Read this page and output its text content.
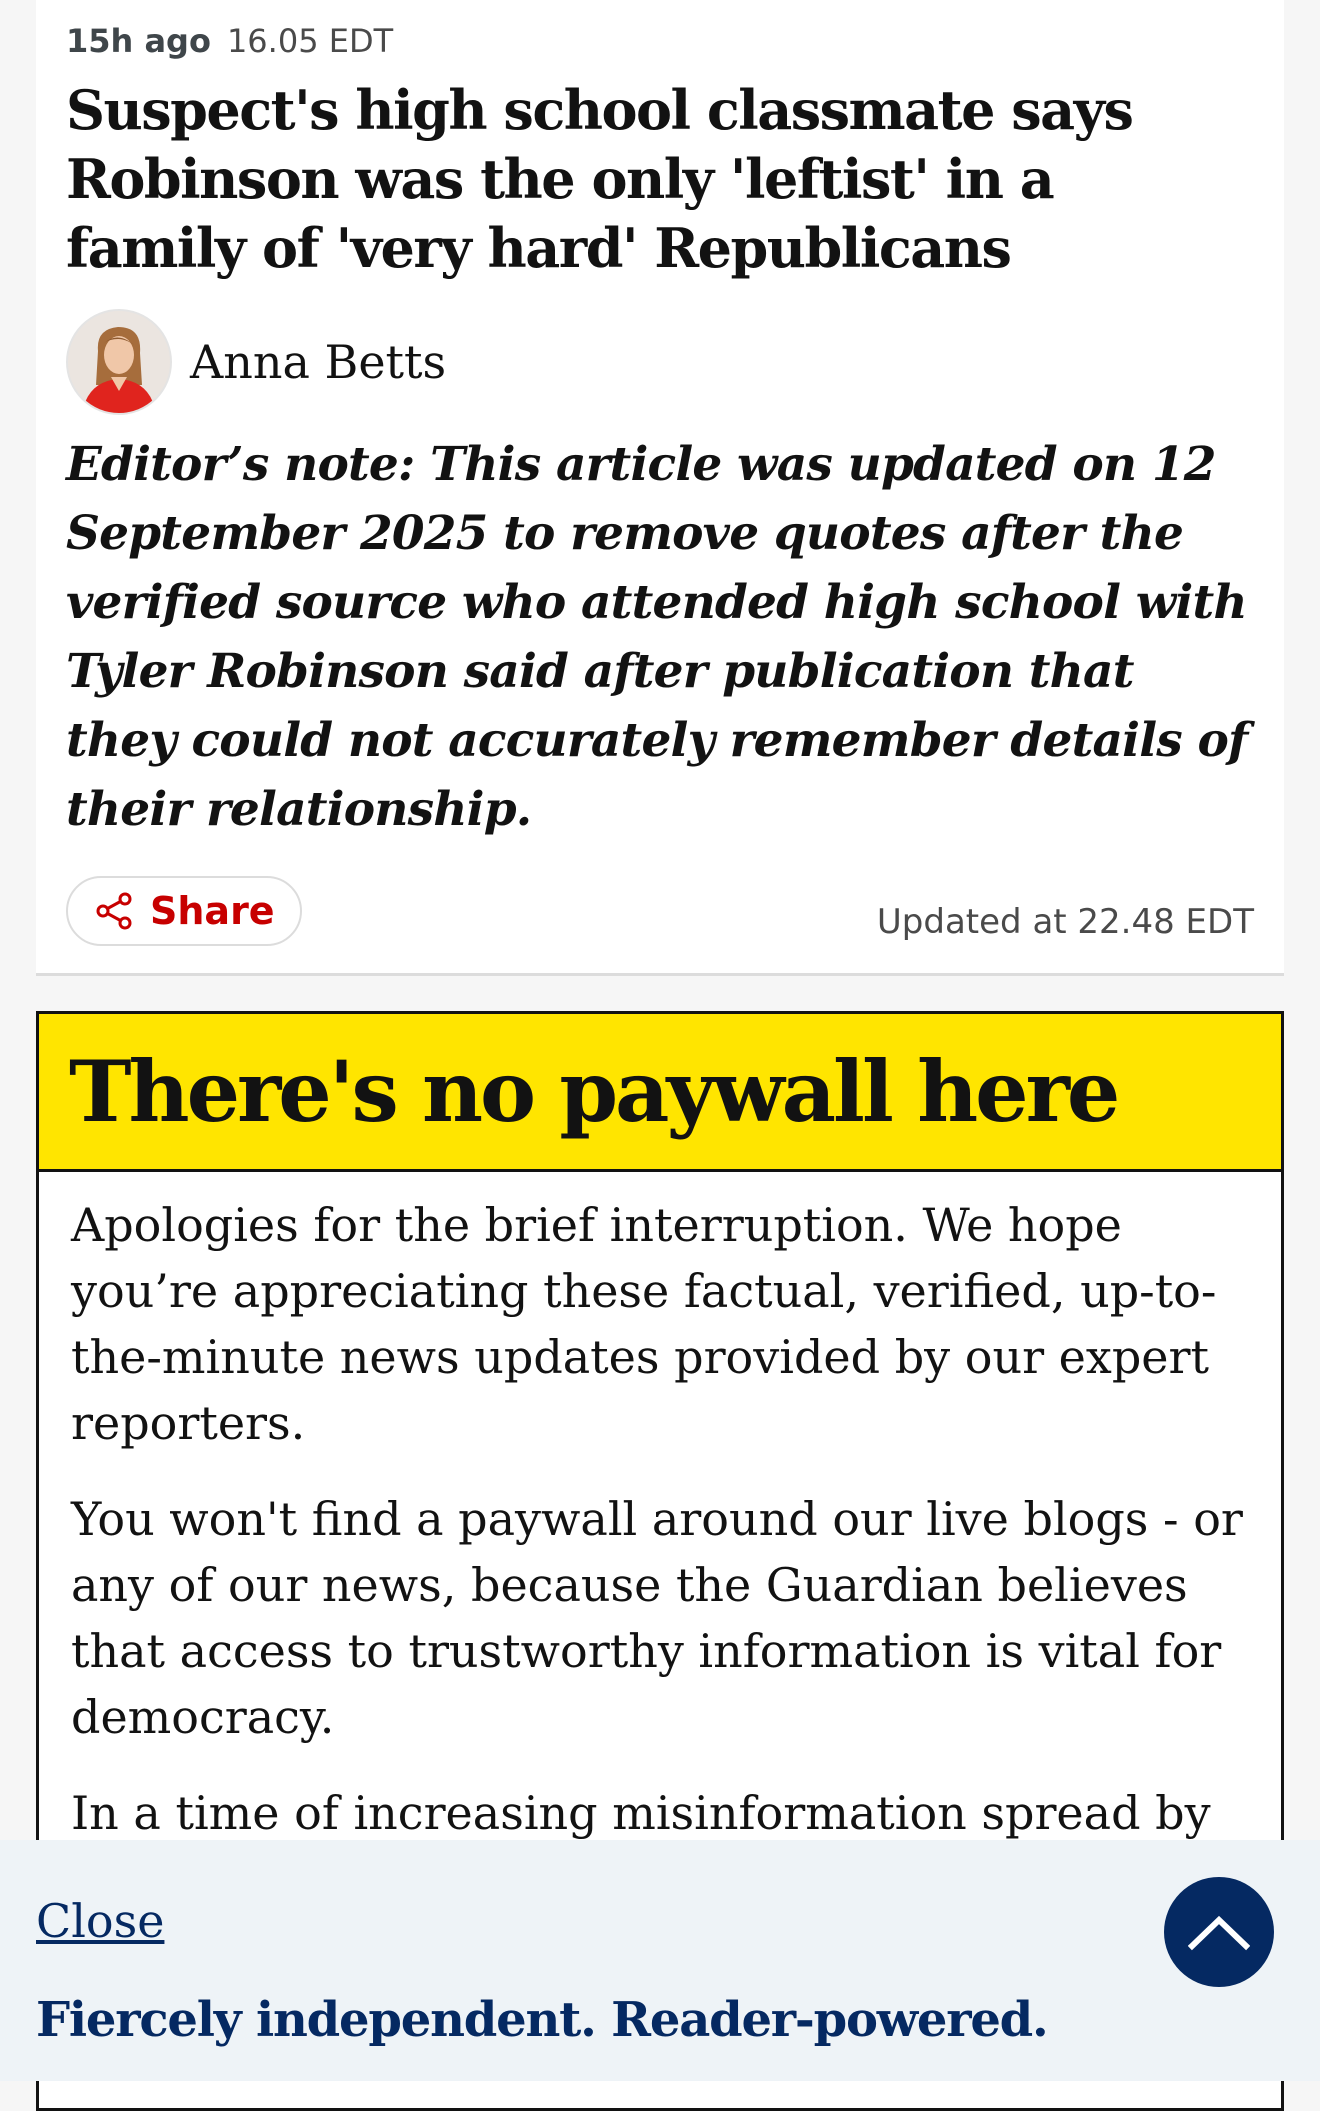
15h ago 16.05 EDT
Suspect's high school classmate says Robinson was the only 'leftist' in a family of 'very hard' Republicans
Anna Betts

Editor’s note: This article was updated on 12 September 2025 to remove quotes after the verified source who attended high school with Tyler Robinson said after publication that they could not accurately remember details of their relationship.

Share	Updated at 22.48 EDT
There's no paywall here

Apologies for the brief interruption. We hope you’re appreciating these factual, verified, up-to-the-minute news updates provided by our expert reporters.

You won't find a paywall around our live blogs - or any of our news, because the Guardian believes that access to trustworthy information is vital for democracy.

In a time of increasing misinformation spread by

Close
Fiercely independent. Reader-powered.
